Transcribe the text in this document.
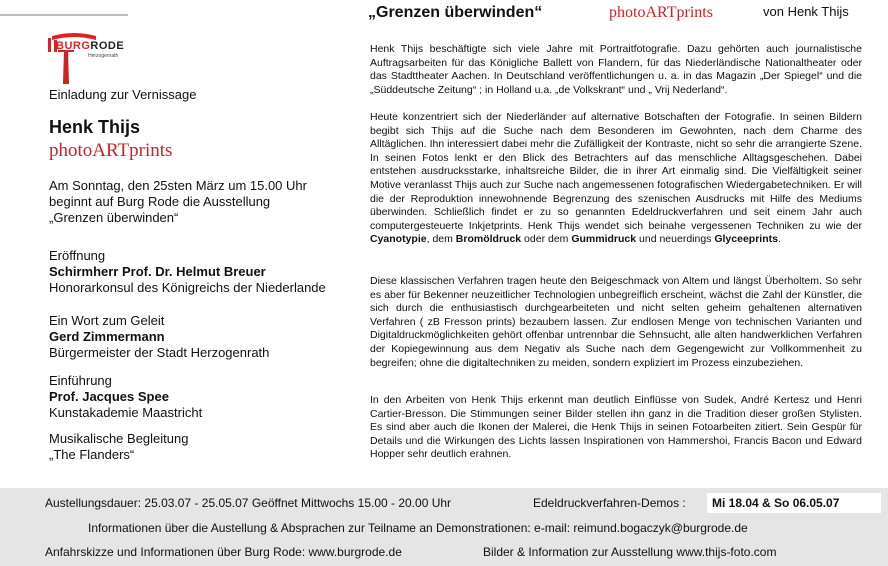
BURGRODE
Herzogenrath
Einladung zur Vernissage
Henk Thijs
photoARTprints
Am Sonntag, den 25sten März um 15.00 Uhr
beginnt auf Burg Rode die Ausstellung
„Grenzen überwinden“
Eröffnung
Schirmherr Prof. Dr. Helmut Breuer
Honorarkonsul des Königreichs der Niederlande
Ein Wort zum Geleit
Gerd Zimmermann
Bürgermeister der Stadt Herzogenrath
Einführung
Prof. Jacques Spee
Kunstakademie Maastricht
Musikalische Begleitung
„The Flanders“
„Grenzen überwinden“	photoARTprints	von Henk Thijs
Henk Thijs beschäftigte sich viele Jahre mit Portraitfotografie. Dazu gehörten auch journalistische Auftragsarbeiten für das Königliche Ballett von Flandern, für das Niederländische Nationaltheater oder das Stadttheater Aachen. In Deutschland veröffentlichungen u. a. in das Magazin „Der Spiegel“ und die „Süddeutsche Zeitung“ ; in Holland u.a. „de Volkskrant“ und „ Vrij Nederland“.
Heute konzentriert sich der Niederländer auf alternative Botschaften der Fotografie. In seinen Bildern begibt sich Thijs auf die Suche nach dem Besonderen im Gewohnten, nach dem Charme des Alltäglichen. Ihn interessiert dabei mehr die Zufälligkeit der Kontraste, nicht so sehr die arrangierte Szene. In seinen Fotos lenkt er den Blick des Betrachters auf das menschliche Alltagsgeschehen. Dabei entstehen ausdrucksstarke, inhaltsreiche Bilder, die in ihrer Art einmalig sind. Die Vielfältigkeit seiner Motive veranlasst Thijs auch zur Suche nach angemessenen fotografischen Wiedergabetechniken. Er will die der Reproduktion innewohnende Begrenzung des szenischen Ausdrucks mit Hilfe des Mediums überwinden. Schließlich findet er zu so genannten Edeldruckverfahren und seit einem Jahr auch computergesteuerte Inkjetprints. Henk Thijs wendet sich beinahe vergessenen Techniken zu wie der Cyanotypie, dem Bromöldruck oder dem Gummidruck und neuerdings Glyceeprints.
Diese klassischen Verfahren tragen heute den Beigeschmack von Altem und längst Überholtem. So sehr es aber für Bekenner neuzeitlicher Technologien unbegreiflich erscheint, wächst die Zahl der Künstler, die sich durch die enthusiastisch durchgearbeiteten und nicht selten geheim gehaltenen alternativen Verfahren ( zB Fresson prints) bezaubern lassen. Zur endlosen Menge von technischen Varianten und Digitaldruckmöglichkeiten gehört offenbar untrennbar die Sehnsucht, alle alten handwerklichen Verfahren der Kopiegewinnung aus dem Negativ als Suche nach dem Gegengewicht zur Vollkommenheit zu begreifen; ohne die digitaltechniken zu meiden, sondern expliziert im Prozess einzubeziehen.
In den Arbeiten von Henk Thijs erkennt man deutlich Einflüsse von Sudek, André Kertesz und Henri Cartier-Bresson. Die Stimmungen seiner Bilder stellen ihn ganz in die Tradition dieser großen Stylisten. Es sind aber auch die Ikonen der Malerei, die Henk Thijs in seinen Fotoarbeiten zitiert. Sein Gespür für Details und die Wirkungen des Lichts lassen Inspirationen von Hammershoi, Francis Bacon und Edward Hopper sehr deutlich erahnen.
Austellungsdauer: 25.03.07 - 25.05.07 Geöffnet Mittwochs 15.00 - 20.00 Uhr	Edeldruckverfahren-Demos : Mi 18.04 & So 06.05.07
Informationen über die Austellung & Absprachen zur Teilname an Demonstrationen: e-mail: reimund.bogaczyk@burgrode.de
Anfahrskizze und Informationen über Burg Rode: www.burgrode.de	Bilder & Information zur Ausstellung www.thijs-foto.com
